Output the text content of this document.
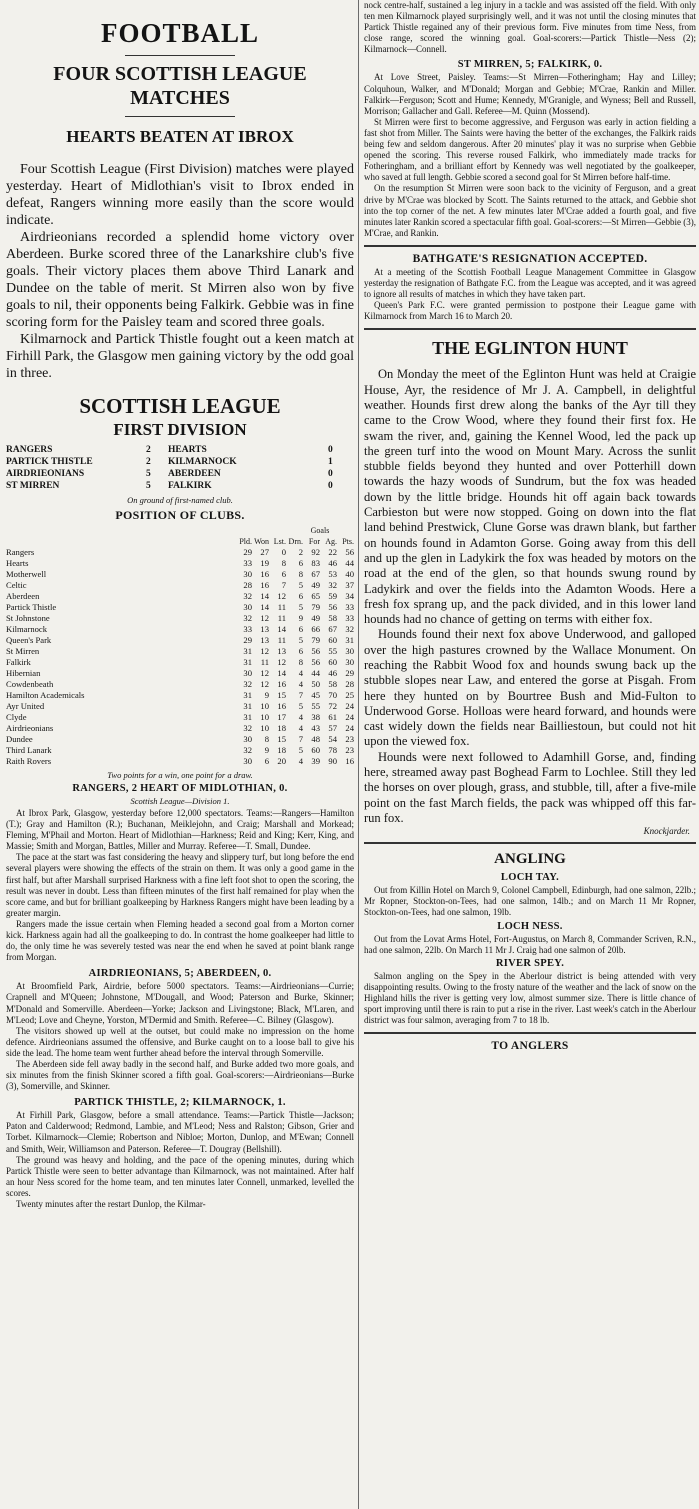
FOOTBALL
FOUR SCOTTISH LEAGUE MATCHES
HEARTS BEATEN AT IBROX

Four Scottish League (First Division) matches were played yesterday. Heart of Midlothian's visit to Ibrox ended in defeat, Rangers winning more easily than the score would indicate.

Airdrieonians recorded a splendid home victory over Aberdeen. Burke scored three of the Lanarkshire club's five goals. Their victory places them above Third Lanark and Dundee on the table of merit. St Mirren also won by five goals to nil, their opponents being Falkirk. Gebbie was in fine scoring form for the Paisley team and scored three goals.

Kilmarnock and Partick Thistle fought out a keen match at Firhill Park, the Glasgow men gaining victory by the odd goal in three.

SCOTTISH LEAGUE
FIRST DIVISION
RANGERS	2	HEARTS	0
PARTICK THISTLE	2	KILMARNOCK	1
AIRDRIEONIANS	5	ABERDEEN	0
ST MIRREN	5	FALKIRK	0
On ground of first-named club.
POSITION OF CLUBS.
					Goals		
	Pld.	Won	Lst.	Drn.	For	Ag.	Pts.
Rangers	29	27	0	2	92	22	56
Hearts	33	19	8	6	83	46	44
Motherwell	30	16	6	8	67	53	40
Celtic	28	16	7	5	49	32	37
Aberdeen	32	14	12	6	65	59	34
Partick Thistle	30	14	11	5	79	56	33
St Johnstone	32	12	11	9	49	58	33
Kilmarnock	33	13	14	6	66	67	32
Queen's Park	29	13	11	5	79	60	31
St Mirren	31	12	13	6	56	55	30
Falkirk	31	11	12	8	56	60	30
Hibernian	30	12	14	4	44	46	29
Cowdenbeath	32	12	16	4	50	58	28
Hamilton Academicals	31	9	15	7	45	70	25
Ayr United	31	10	16	5	55	72	24
Clyde	31	10	17	4	38	61	24
Airdrieonians	32	10	18	4	43	57	24
Dundee	30	8	15	7	48	54	23
Third Lanark	32	9	18	5	60	78	23
Raith Rovers	30	6	20	4	39	90	16
Two points for a win, one point for a draw.
RANGERS, 2 HEART OF MIDLOTHIAN, 0.
Scottish League—Division 1.

At Ibrox Park, Glasgow, yesterday before 12,000 spectators. Teams:—Rangers—Hamilton (T.); Gray and Hamilton (R.); Buchanan, Meiklejohn, and Craig; Marshall and Morkead; Fleming, M'Phail and Morton. Heart of Midlothian—Harkness; Reid and King; Kerr, King, and Massie; Smith and Morgan, Battles, Miller and Murray. Referee—T. Small, Dundee.

The pace at the start was fast considering the heavy and slippery turf, but long before the end several players were showing the effects of the strain on them. It was only a good game in the first half, but after Marshall surprised Harkness with a fine left foot shot to open the scoring, the result was never in doubt. Less than fifteen minutes of the first half remained for play when the score came, and but for brilliant goalkeeping by Harkness Rangers might have been leading by a greater margin.

Rangers made the issue certain when Fleming headed a second goal from a Morton corner kick. Harkness again had all the goalkeeping to do. In contrast the home goalkeeper had little to do, the only time he was severely tested was near the end when he saved at point blank range from Morgan.

AIRDRIEONIANS, 5; ABERDEEN, 0.

At Broomfield Park, Airdrie, before 5000 spectators. Teams:—Airdrieonians—Currie; Crapnell and M'Queen; Johnstone, M'Dougall, and Wood; Paterson and Burke, Skinner; M'Donald and Somerville. Aberdeen—Yorke; Jackson and Livingstone; Black, M'Laren, and M'Leod; Love and Cheyne, Yorston, M'Dermid and Smith. Referee—C. Bilney (Glasgow).

The visitors showed up well at the outset, but could make no impression on the home defence. Airdrieonians assumed the offensive, and Burke caught on to a loose ball to give his side the lead. The home team went further ahead before the interval through Somerville.

The Aberdeen side fell away badly in the second half, and Burke added two more goals, and six minutes from the finish Skinner scored a fifth goal. Goal-scorers:—Airdrieonians—Burke (3), Somerville, and Skinner.

PARTICK THISTLE, 2; KILMARNOCK, 1.

At Firhill Park, Glasgow, before a small attendance. Teams:—Partick Thistle—Jackson; Paton and Calderwood; Redmond, Lambie, and M'Leod; Ness and Ralston; Gibson, Grier and Torbet. Kilmarnock—Clemie; Robertson and Nibloe; Morton, Dunlop, and M'Ewan; Connell and Smith, Weir, Williamson and Paterson. Referee—T. Dougray (Bellshill).

The ground was heavy and holding, and the pace of the opening minutes, during which Partick Thistle were seen to better advantage than Kilmarnock, was not maintained. After half an hour Ness scored for the home team, and ten minutes later Connell, unmarked, levelled the scores.

Twenty minutes after the restart Dunlop, the Kilmar-

nock centre-half, sustained a leg injury in a tackle and was assisted off the field. With only ten men Kilmarnock played surprisingly well, and it was not until the closing minutes that Partick Thistle regained any of their previous form. Five minutes from time Ness, from close range, scored the winning goal. Goal-scorers:—Partick Thistle—Ness (2); Kilmarnock—Connell.

ST MIRREN, 5; FALKIRK, 0.

At Love Street, Paisley. Teams:—St Mirren—Fotheringham; Hay and Lilley; Colquhoun, Walker, and M'Donald; Morgan and Gebbie; M'Crae, Rankin and Miller. Falkirk—Ferguson; Scott and Hume; Kennedy, M'Granigle, and Wyness; Bell and Russell, Morrison; Gallacher and Gall. Referee—M. Quinn (Mossend).

St Mirren were first to become aggressive, and Ferguson was early in action fielding a fast shot from Miller. The Saints were having the better of the exchanges, the Falkirk raids being few and seldom dangerous. After 20 minutes' play it was no surprise when Gebbie opened the scoring. This reverse roused Falkirk, who immediately made tracks for Fotheringham, and a brilliant effort by Kennedy was well negotiated by the goalkeeper, who saved at full length. Gebbie scored a second goal for St Mirren before half-time.

On the resumption St Mirren were soon back to the vicinity of Ferguson, and a great drive by M'Crae was blocked by Scott. The Saints returned to the attack, and Gebbie shot into the top corner of the net. A few minutes later M'Crae added a fourth goal, and five minutes later Rankin scored a spectacular fifth goal. Goal-scorers:—St Mirren—Gebbie (3), M'Crae, and Rankin.

BATHGATE'S RESIGNATION ACCEPTED.

At a meeting of the Scottish Football League Management Committee in Glasgow yesterday the resignation of Bathgate F.C. from the League was accepted, and it was agreed to ignore all results of matches in which they have taken part.

Queen's Park F.C. were granted permission to postpone their League game with Kilmarnock from March 16 to March 20.

THE EGLINTON HUNT

On Monday the meet of the Eglinton Hunt was held at Craigie House, Ayr, the residence of Mr J. A. Campbell, in delightful weather. Hounds first drew along the banks of the Ayr till they came to the Crow Wood, where they found their first fox. He swam the river, and, gaining the Kennel Wood, led the pack up the green turf into the wood on Mount Mary. Across the sunlit stubble fields beyond they hunted and over Potterhill down towards the hazy woods of Sundrum, but the fox was headed down by the little bridge. Hounds hit off again back towards Carbieston but were now stopped. Going on down into the flat land behind Prestwick, Clune Gorse was drawn blank, but farther on hounds found in Adamton Gorse. Going away from this dell and up the glen in Ladykirk the fox was headed by motors on the road at the end of the glen, so that hounds swung round by Ladykirk and over the fields into the Adamton Woods. Here a fresh fox sprang up, and the pack divided, and in this lower land hounds had no chance of getting on terms with either fox.

Hounds found their next fox above Underwood, and galloped over the high pastures crowned by the Wallace Monument. On reaching the Rabbit Wood fox and hounds swung back up the stubble slopes near Law, and entered the gorse at Pisgah. From here they hunted on by Bourtree Bush and Mid-Fulton to Underwood Gorse. Holloas were heard forward, and hounds were cast widely down the fields near Bailliestoun, but could not hit upon the viewed fox.

Hounds were next followed to Adamhill Gorse, and, finding here, streamed away past Boghead Farm to Lochlee. Still they led the horses on over plough, grass, and stubble, till, after a five-mile point on the fast March fields, the pack was whipped off this far-run fox.

Knockjarder.
ANGLING
LOCH TAY.

Out from Killin Hotel on March 9, Colonel Campbell, Edinburgh, had one salmon, 22lb.; Mr Ropner, Stockton-on-Tees, had one salmon, 14lb.; and on March 11 Mr Ropner, Stockton-on-Tees, had one salmon, 19lb.

LOCH NESS.

Out from the Lovat Arms Hotel, Fort-Augustus, on March 8, Commander Scriven, R.N., had one salmon, 22lb. On March 11 Mr J. Craig had one salmon of 20lb.

RIVER SPEY.

Salmon angling on the Spey in the Aberlour district is being attended with very disappointing results. Owing to the frosty nature of the weather and the lack of snow on the Highland hills the river is getting very low, almost summer size. There is little chance of sport improving until there is rain to put a rise in the river. Last week's catch in the Aberlour district was four salmon, averaging from 7 to 18 lb.

TO ANGLERS
